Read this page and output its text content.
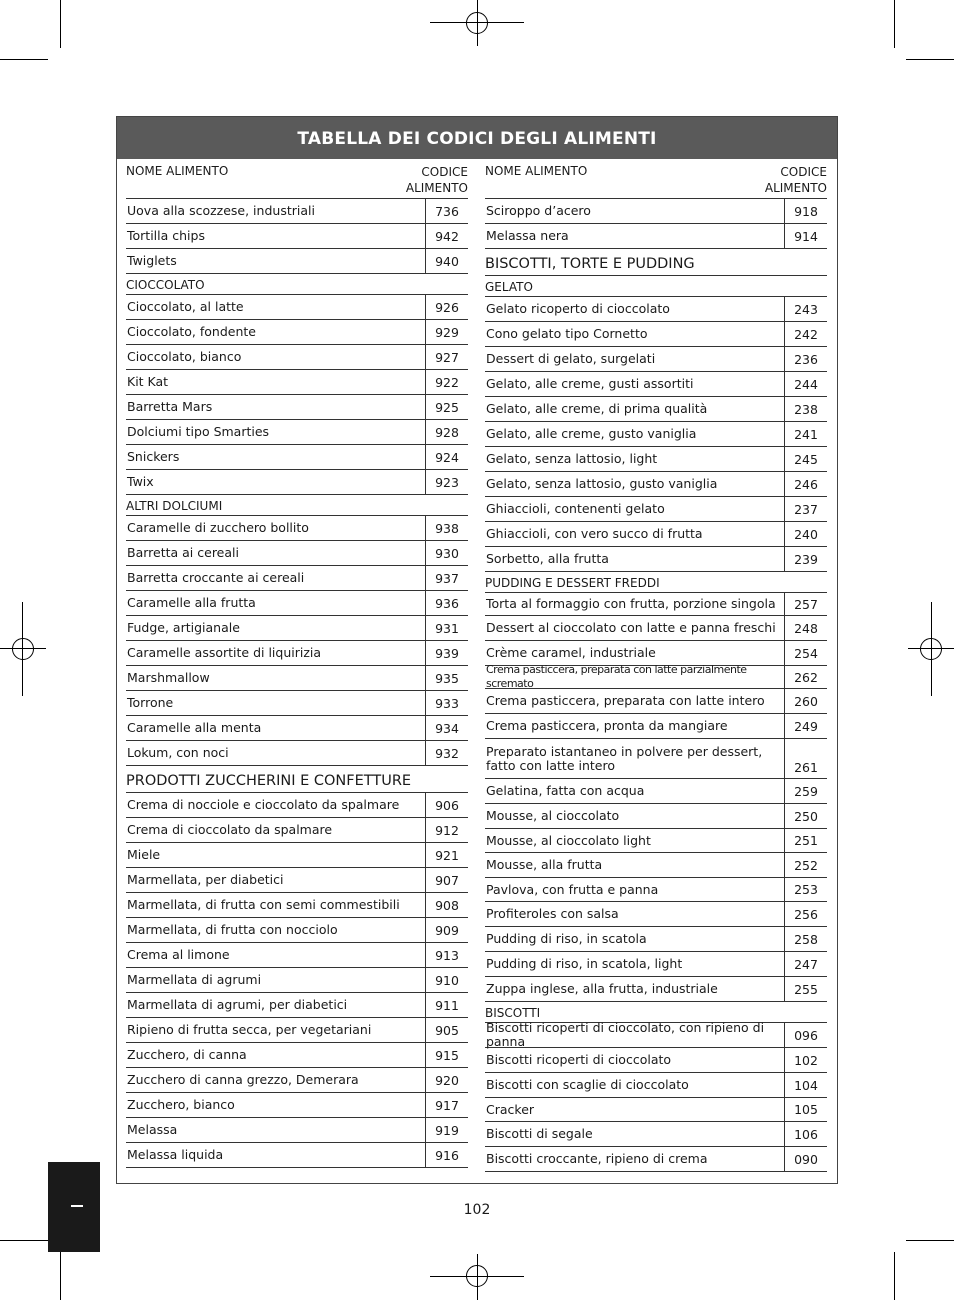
TABELLA DEI CODICI DEGLI ALIMENTI
NOME ALIMENTO	CODICE
ALIMENTO
Uova alla scozzese, industriali	736
Tortilla chips	942
Twiglets	940
CIOCCOLATO
Cioccolato, al latte	926
Cioccolato, fondente	929
Cioccolato, bianco	927
Kit Kat	922
Barretta Mars	925
Dolciumi tipo Smarties	928
Snickers	924
Twix	923
ALTRI DOLCIUMI
Caramelle di zucchero bollito	938
Barretta ai cereali	930
Barretta croccante ai cereali	937
Caramelle alla frutta	936
Fudge, artigianale	931
Caramelle assortite di liquirizia	939
Marshmallow	935
Torrone	933
Caramelle alla menta	934
Lokum, con noci	932
PRODOTTI ZUCCHERINI E CONFETTURE
Crema di nocciole e cioccolato da spalmare	906
Crema di cioccolato da spalmare	912
Miele	921
Marmellata, per diabetici	907
Marmellata, di frutta con semi commestibili	908
Marmellata, di frutta con nocciolo	909
Crema al limone	913
Marmellata di agrumi	910
Marmellata di agrumi, per diabetici	911
Ripieno di frutta secca, per vegetariani	905
Zucchero, di canna	915
Zucchero di canna grezzo, Demerara	920
Zucchero, bianco	917
Melassa	919
Melassa liquida	916
NOME ALIMENTO	CODICE
ALIMENTO
Sciroppo d’acero	918
Melassa nera	914
BISCOTTI, TORTE E PUDDING
GELATO
Gelato ricoperto di cioccolato	243
Cono gelato tipo Cornetto	242
Dessert di gelato, surgelati	236
Gelato, alle creme, gusti assortiti	244
Gelato, alle creme, di prima qualità	238
Gelato, alle creme, gusto vaniglia	241
Gelato, senza lattosio, light	245
Gelato, senza lattosio, gusto vaniglia	246
Ghiaccioli, contenenti gelato	237
Ghiaccioli, con vero succo di frutta	240
Sorbetto, alla frutta	239
PUDDING E DESSERT FREDDI
Torta al formaggio con frutta, porzione singola	257
Dessert al cioccolato con latte e panna freschi	248
Crème caramel, industriale	254
Crema pasticcera, preparata con latte parzialmente scremato	262
Crema pasticcera, preparata con latte intero	260
Crema pasticcera, pronta da mangiare	249
Preparato istantaneo in polvere per dessert,
fatto con latte intero	261
Gelatina, fatta con acqua	259
Mousse, al cioccolato	250
Mousse, al cioccolato light	251
Mousse, alla frutta	252
Pavlova, con frutta e panna	253
Profiteroles con salsa	256
Pudding di riso, in scatola	258
Pudding di riso, in scatola, light	247
Zuppa inglese, alla frutta, industriale	255
BISCOTTI
Biscotti ricoperti di cioccolato, con ripieno di panna	096
Biscotti ricoperti di cioccolato	102
Biscotti con scaglie di cioccolato	104
Cracker	105
Biscotti di segale	106
Biscotti croccante, ripieno di crema	090
102
